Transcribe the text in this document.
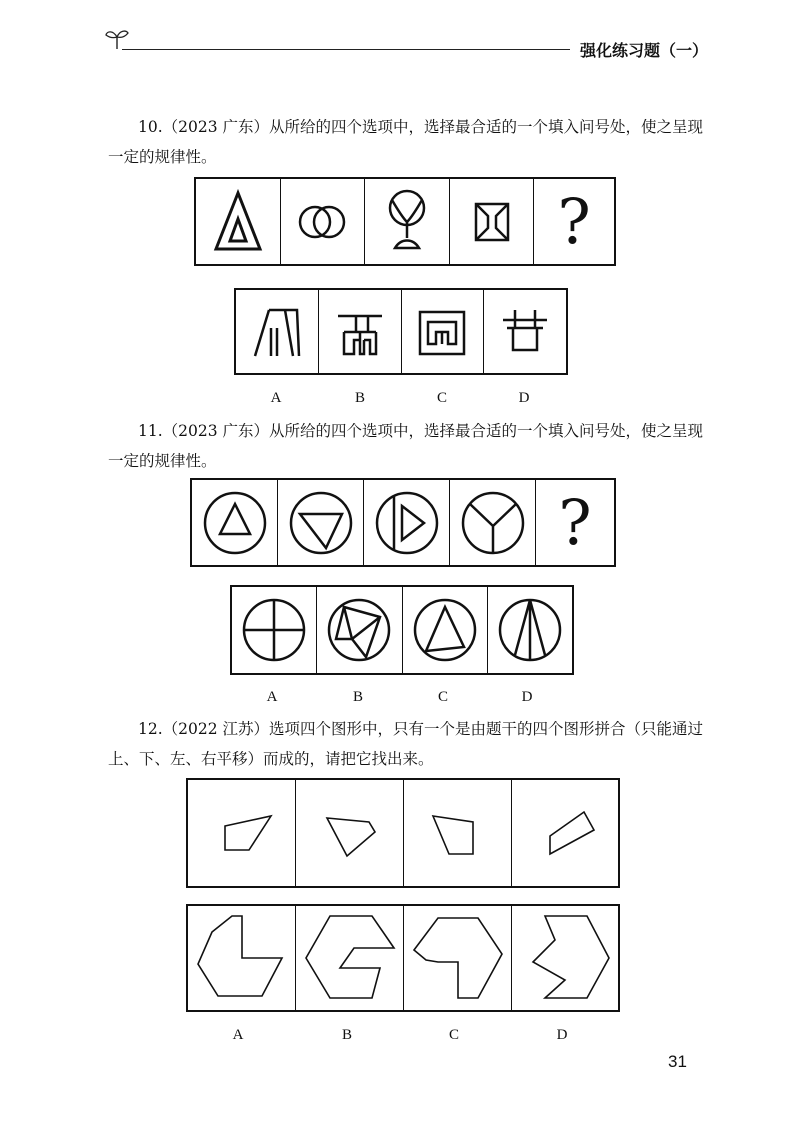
强化练习题（一）
10.（2023 广东）从所给的四个选项中，选择最合适的一个填入问号处，使之呈现一定的规律性。
?
A	B	C	D
11.（2023 广东）从所给的四个选项中，选择最合适的一个填入问号处，使之呈现一定的规律性。
?
A	B	C	D
12.（2022 江苏）选项四个图形中，只有一个是由题干的四个图形拼合（只能通过上、下、左、右平移）而成的，请把它找出来。
A	B	C	D
31
